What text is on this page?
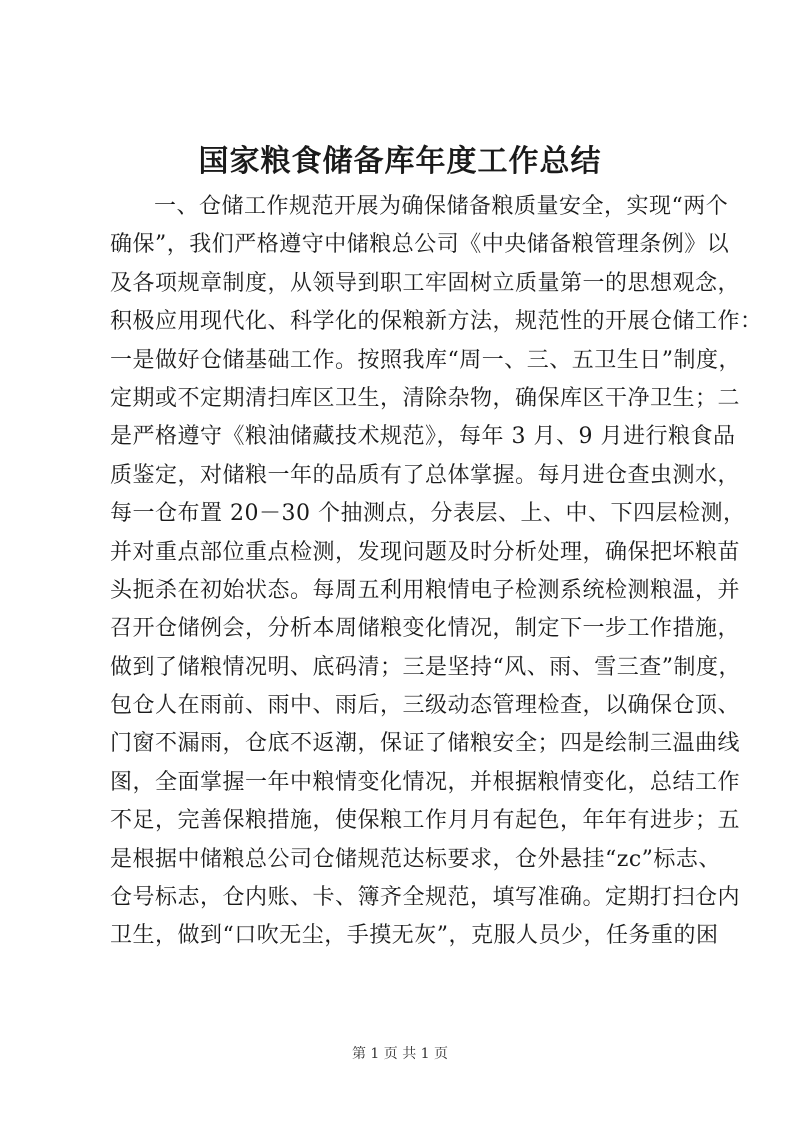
国家粮食储备库年度工作总结
一、仓储工作规范开展为确保储备粮质量安全，实现“两个
确保”，我们严格遵守中储粮总公司《中央储备粮管理条例》以
及各项规章制度，从领导到职工牢固树立质量第一的思想观念，
积极应用现代化、科学化的保粮新方法，规范性的开展仓储工作：
一是做好仓储基础工作。按照我库“周一、三、五卫生日”制度，
定期或不定期清扫库区卫生，清除杂物，确保库区干净卫生；二
是严格遵守《粮油储藏技术规范》，每年 3 月、9 月进行粮食品
质鉴定，对储粮一年的品质有了总体掌握。每月进仓查虫测水，
每一仓布置 20－30 个抽测点，分表层、上、中、下四层检测，
并对重点部位重点检测，发现问题及时分析处理，确保把坏粮苗
头扼杀在初始状态。每周五利用粮情电子检测系统检测粮温，并
召开仓储例会，分析本周储粮变化情况，制定下一步工作措施，
做到了储粮情况明、底码清；三是坚持“风、雨、雪三查”制度，
包仓人在雨前、雨中、雨后，三级动态管理检查，以确保仓顶、
门窗不漏雨，仓底不返潮，保证了储粮安全；四是绘制三温曲线
图，全面掌握一年中粮情变化情况，并根据粮情变化，总结工作
不足，完善保粮措施，使保粮工作月月有起色，年年有进步；五
是根据中储粮总公司仓储规范达标要求，仓外悬挂“zc”标志、
仓号标志，仓内账、卡、簿齐全规范，填写准确。定期打扫仓内
卫生，做到“口吹无尘，手摸无灰”，克服人员少，任务重的困
第 1 页 共 1 页
